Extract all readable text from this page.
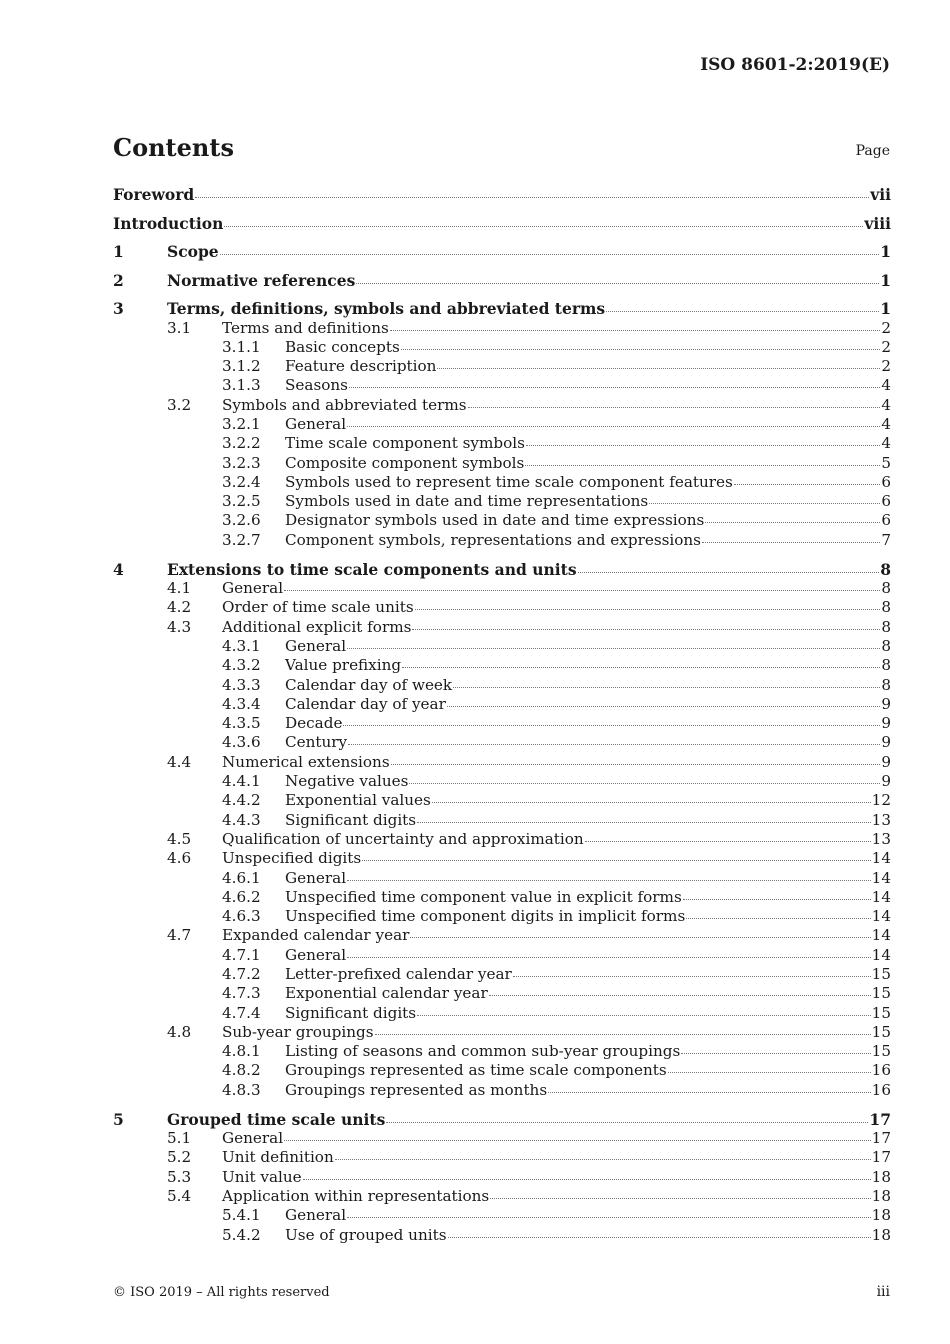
ISO 8601-2:2019(E)
Contents	Page
Foreword	vii
Introduction	viii
1	Scope	1
2	Normative references	1
3	Terms, definitions, symbols and abbreviated terms	1
3.1	Terms and definitions	2
3.1.1	Basic concepts	2
3.1.2	Feature description	2
3.1.3	Seasons	4
3.2	Symbols and abbreviated terms	4
3.2.1	General	4
3.2.2	Time scale component symbols	4
3.2.3	Composite component symbols	5
3.2.4	Symbols used to represent time scale component features	6
3.2.5	Symbols used in date and time representations	6
3.2.6	Designator symbols used in date and time expressions	6
3.2.7	Component symbols, representations and expressions	7
4	Extensions to time scale components and units	8
4.1	General	8
4.2	Order of time scale units	8
4.3	Additional explicit forms	8
4.3.1	General	8
4.3.2	Value prefixing	8
4.3.3	Calendar day of week	8
4.3.4	Calendar day of year	9
4.3.5	Decade	9
4.3.6	Century	9
4.4	Numerical extensions	9
4.4.1	Negative values	9
4.4.2	Exponential values	12
4.4.3	Significant digits	13
4.5	Qualification of uncertainty and approximation	13
4.6	Unspecified digits	14
4.6.1	General	14
4.6.2	Unspecified time component value in explicit forms	14
4.6.3	Unspecified time component digits in implicit forms	14
4.7	Expanded calendar year	14
4.7.1	General	14
4.7.2	Letter-prefixed calendar year	15
4.7.3	Exponential calendar year	15
4.7.4	Significant digits	15
4.8	Sub-year groupings	15
4.8.1	Listing of seasons and common sub-year groupings	15
4.8.2	Groupings represented as time scale components	16
4.8.3	Groupings represented as months	16
5	Grouped time scale units	17
5.1	General	17
5.2	Unit definition	17
5.3	Unit value	18
5.4	Application within representations	18
5.4.1	General	18
5.4.2	Use of grouped units	18
© ISO 2019 – All rights reserved	iii
